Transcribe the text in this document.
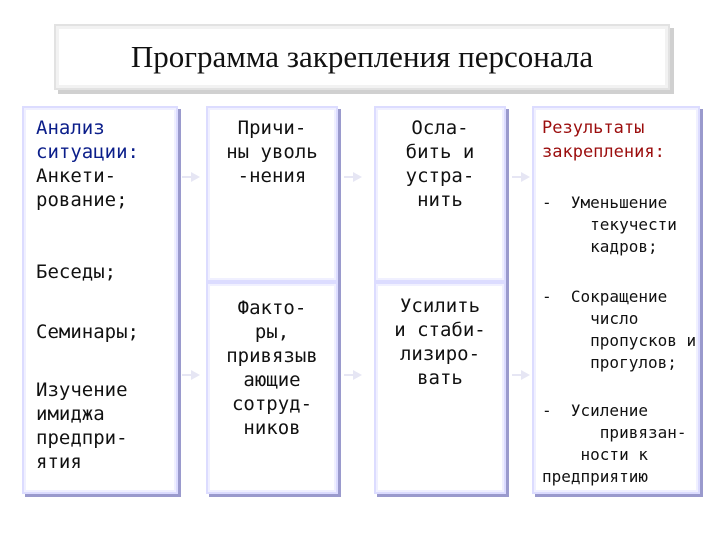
Программа закрепления персонала
Анализ
ситуации:
Анкети-
рование;
Беседы;
Семинары;
Изучение
имиджа
предпри-
ятия
Причи-
ны уволь
-нения
Факто-
ры,
привязыв
ающие
сотруд-
ников
Осла-
бить и
устра-
нить
Усилить
и стаби-
лизиро-
вать
Результаты
закрепления:
-  Уменьшение
текучести
кадров;
-  Сокращение
число
пропусков и
прогулов;
-  Усиление
привязан-
ности к
предприятию
